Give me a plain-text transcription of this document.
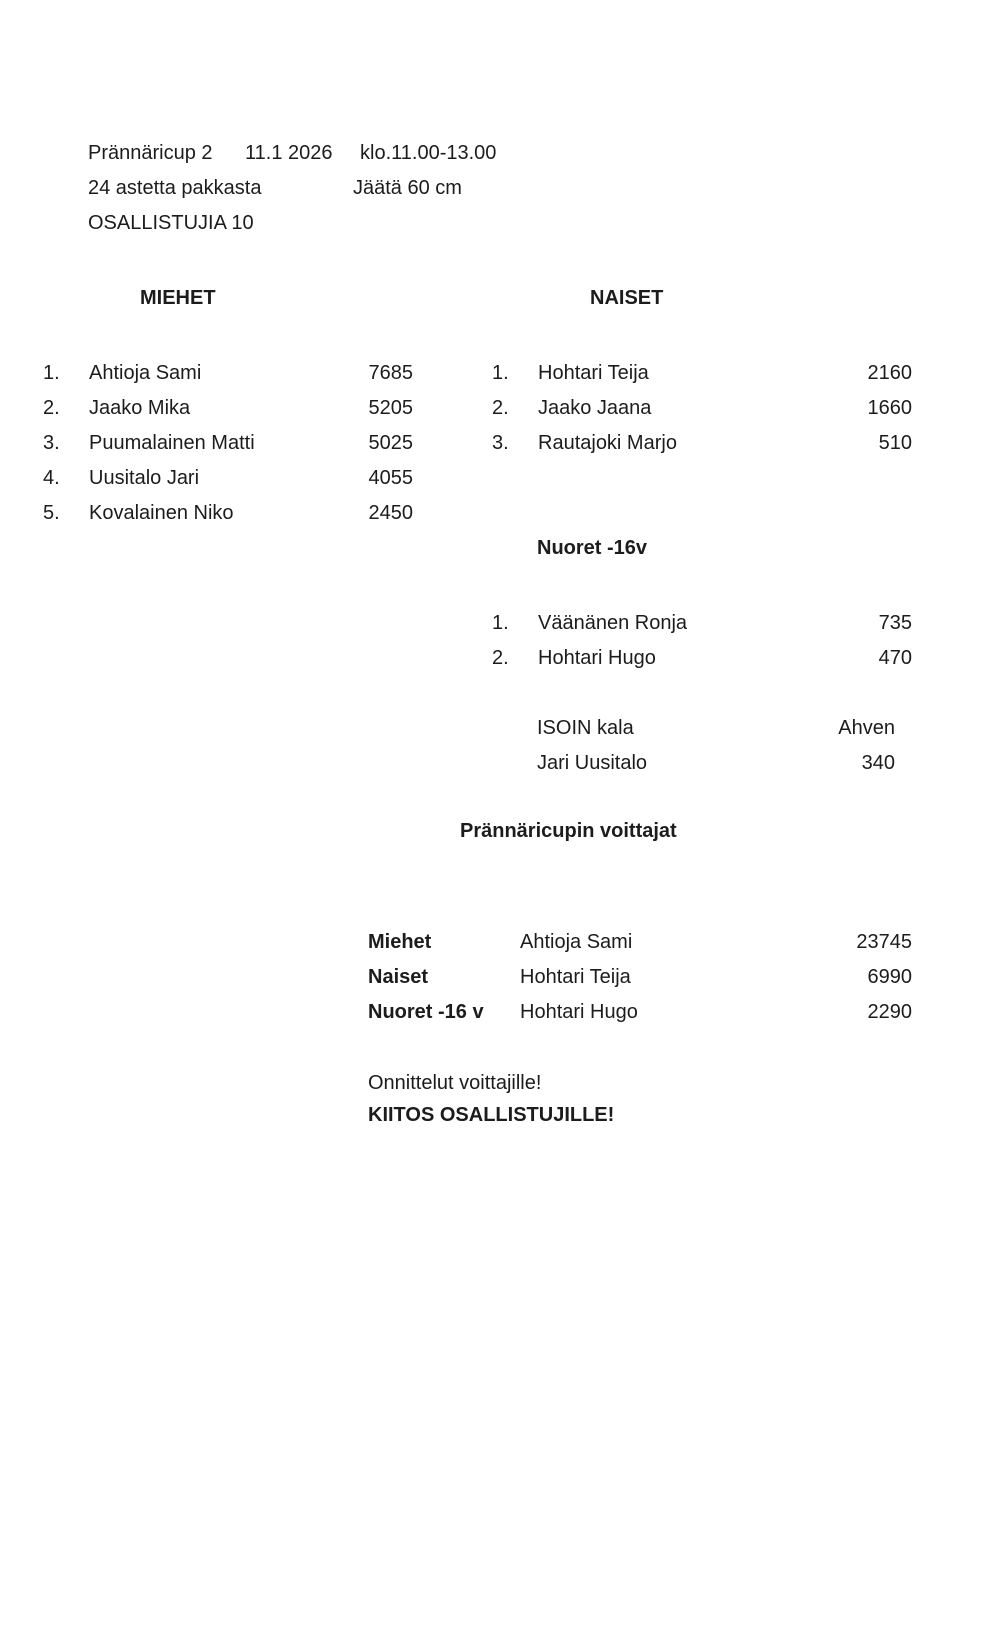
Prännäricup 2 11.1 2026 klo.11.00-13.00
24 astetta pakkasta	Jäätä 60 cm
OSALLISTUJIA 10
MIEHET	NAISET
1.	Ahtioja Sami	7685
2.	Jaako Mika	5205
3.	Puumalainen Matti	5025
4.	Uusitalo Jari	4055
5.	Kovalainen Niko	2450
1.	Hohtari Teija	2160
2.	Jaako Jaana	1660
3.	Rautajoki Marjo	510
Nuoret -16v
1.	Väänänen Ronja	735
2.	Hohtari Hugo	470
ISOIN kala	Ahven
Jari Uusitalo	340
Prännäricupin voittajat
Miehet	Ahtioja Sami	23745
Naiset	Hohtari Teija	6990
Nuoret -16 v	Hohtari Hugo	2290
Onnittelut voittajille!
KIITOS OSALLISTUJILLE!
